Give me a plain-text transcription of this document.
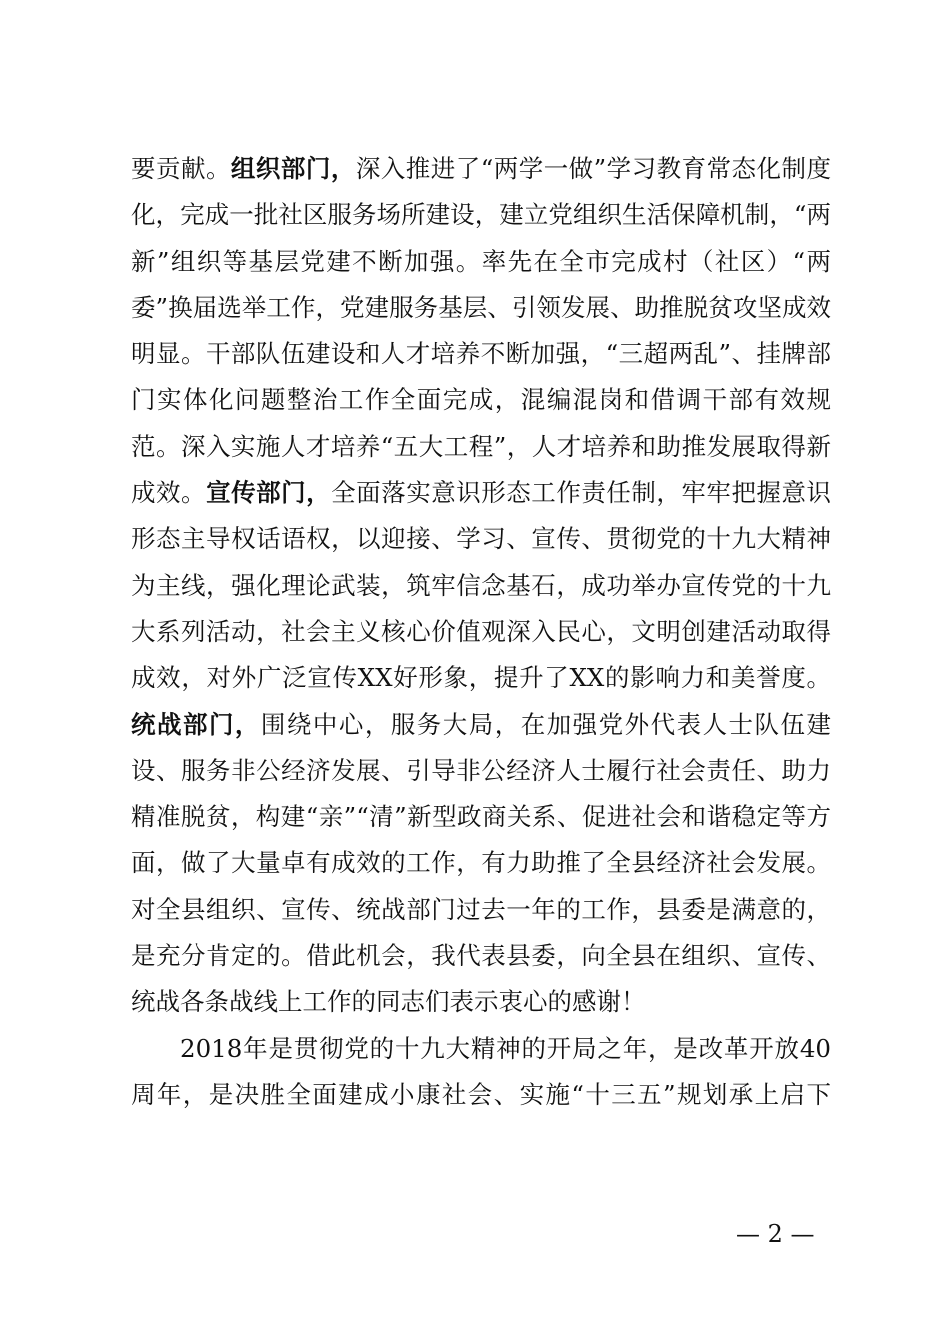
要贡献。组织部门，深入推进了“两学一做”学习教育常态化制度化，完成一批社区服务场所建设，建立党组织生活保障机制，“两新”组织等基层党建不断加强。率先在全市完成村（社区）“两委”换届选举工作，党建服务基层、引领发展、助推脱贫攻坚成效明显。干部队伍建设和人才培养不断加强，“三超两乱”、挂牌部门实体化问题整治工作全面完成，混编混岗和借调干部有效规范。深入实施人才培养“五大工程”，人才培养和助推发展取得新成效。宣传部门，全面落实意识形态工作责任制，牢牢把握意识形态主导权话语权，以迎接、学习、宣传、贯彻党的十九大精神为主线，强化理论武装，筑牢信念基石，成功举办宣传党的十九大系列活动，社会主义核心价值观深入民心，文明创建活动取得成效，对外广泛宣传XX好形象，提升了XX的影响力和美誉度。统战部门，围绕中心，服务大局，在加强党外代表人士队伍建设、服务非公经济发展、引导非公经济人士履行社会责任、助力精准脱贫，构建“亲”“清”新型政商关系、促进社会和谐稳定等方面，做了大量卓有成效的工作，有力助推了全县经济社会发展。对全县组织、宣传、统战部门过去一年的工作，县委是满意的，是充分肯定的。借此机会，我代表县委，向全县在组织、宣传、统战各条战线上工作的同志们表示衷心的感谢！

2018年是贯彻党的十九大精神的开局之年，是改革开放40周年，是决胜全面建成小康社会、实施“十三五”规划承上启下

— 2 —
